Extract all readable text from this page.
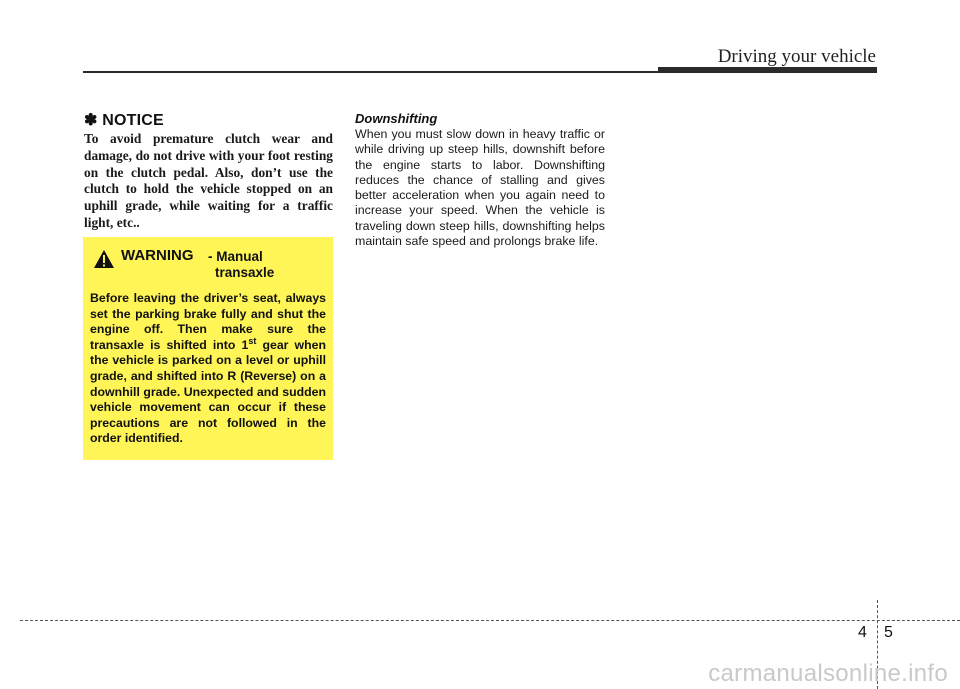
Driving your vehicle
✽ NOTICE
To avoid premature clutch wear and damage, do not drive with your foot resting on the clutch pedal. Also, don’t use the clutch to hold the vehicle stopped on an uphill grade, while waiting for a traffic light, etc..
WARNING - Manual
transaxle
Before leaving the driver’s seat, always set the parking brake fully and shut the engine off. Then make sure the transaxle is shifted into 1st gear when the vehicle is parked on a level or uphill grade, and shifted into R (Reverse) on a downhill grade. Unexpected and sudden vehicle movement can occur if these precautions are not followed in the order identified.
Downshifting
When you must slow down in heavy traffic or while driving up steep hills, downshift before the engine starts to labor. Downshifting reduces the chance of stalling and gives better acceleration when you again need to increase your speed. When the vehicle is traveling down steep hills, downshifting helps maintain safe speed and prolongs brake life.
4 5
carmanualsonline.info
